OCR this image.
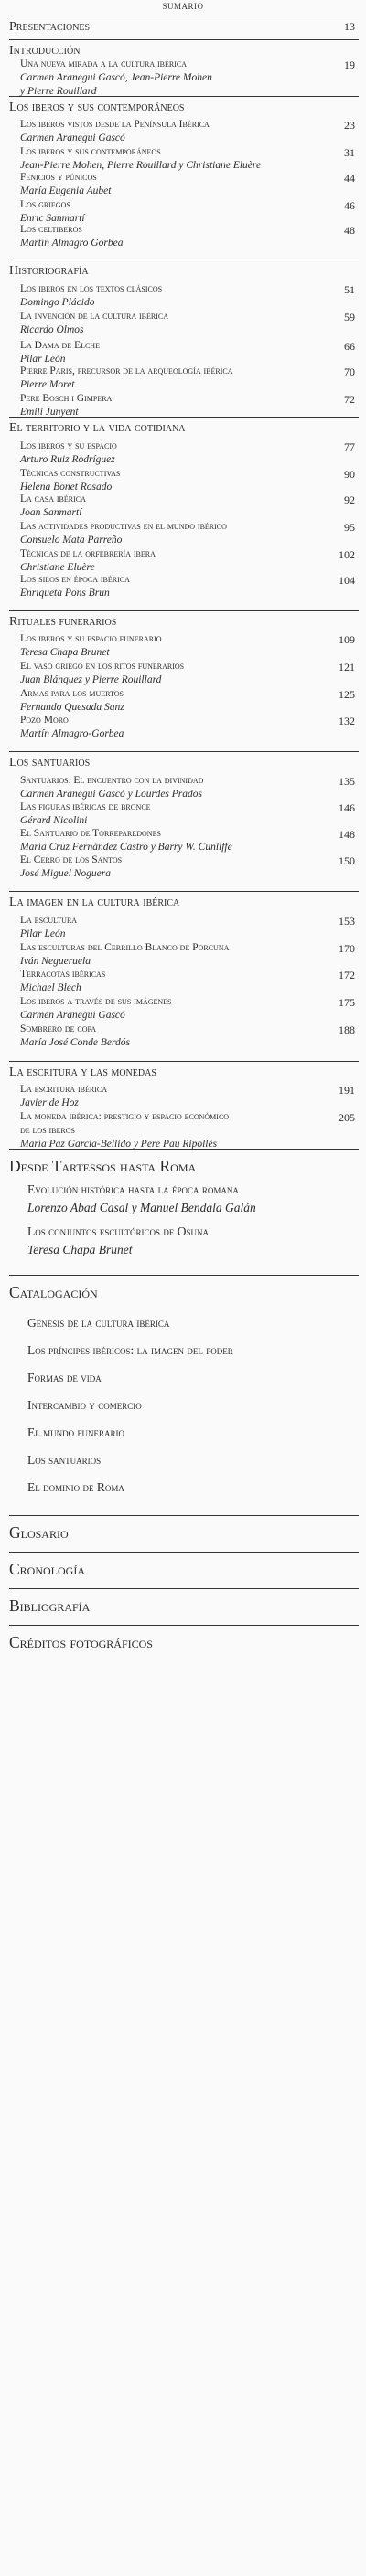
SUMARIO
Presentaciones	13
Introducción
Una nueva mirada a la cultura ibérica
Carmen Aranegui Gascó, Jean-Pierre Mohen
y Pierre Rouillard
19
Los iberos y sus contemporáneos
Los iberos vistos desde la Península Ibérica
Carmen Aranegui Gascó
23
Los iberos y sus contemporáneos
Jean-Pierre Mohen, Pierre Rouillard y Christiane Eluère
31
Fenicios y púnicos
María Eugenia Aubet
44
Los griegos
Enric Sanmartí
46
Los celtiberos
Martín Almagro Gorbea
48
Historiografía
Los iberos en los textos clásicos
Domingo Plácido
51
La invención de la cultura ibérica
Ricardo Olmos
59
La Dama de Elche
Pilar León
66
Pierre Paris, precursor de la arqueología ibérica
Pierre Moret
70
Pere Bosch i Gimpera
Emili Junyent
72
El territorio y la vida cotidiana
Los iberos y su espacio
Arturo Ruiz Rodríguez
77
Técnicas constructivas
Helena Bonet Rosado
90
La casa ibérica
Joan Sanmartí
92
Las actividades productivas en el mundo ibérico
Consuelo Mata Parreño
95
Técnicas de la orfebrería ibera
Christiane Eluère
102
Los silos en época ibérica
Enriqueta Pons Brun
104
Rituales funerarios
Los iberos y su espacio funerario
Teresa Chapa Brunet
109
El vaso griego en los ritos funerarios
Juan Blánquez y Pierre Rouillard
121
Armas para los muertos
Fernando Quesada Sanz
125
Pozo Moro
Martín Almagro-Gorbea
132
Los santuarios
Santuarios. El encuentro con la divinidad
Carmen Aranegui Gascó y Lourdes Prados
135
Las figuras ibéricas de bronce
Gérard Nicolini
146
El Santuario de Torreparedones
María Cruz Fernández Castro y Barry W. Cunliffe
148
El Cerro de los Santos
José Miguel Noguera
150
La imagen en la cultura ibérica
La escultura
Pilar León
153
Las esculturas del Cerrillo Blanco de Porcuna
Iván Negueruela
170
Terracotas ibéricas
Michael Blech
172
Los iberos a través de sus imágenes
Carmen Aranegui Gascó
175
Sombrero de copa
María José Conde Berdós
188
La escritura y las monedas
La escritura ibérica
Javier de Hoz
191
La moneda ibérica: prestigio y espacio económico
de los iberos
María Paz García-Bellido y Pere Pau Ripollès
205
Desde Tartessos hasta Roma
Evolución histórica hasta la época romana
Lorenzo Abad Casal y Manuel Bendala Galán
Los conjuntos escultóricos de Osuna
Teresa Chapa Brunet
Catalogación
Génesis de la cultura ibérica
Los príncipes ibéricos: la imagen del poder
Formas de vida
Intercambio y comercio
El mundo funerario
Los santuarios
El dominio de Roma
Glosario
Cronología
Bibliografía
Créditos fotográficos
